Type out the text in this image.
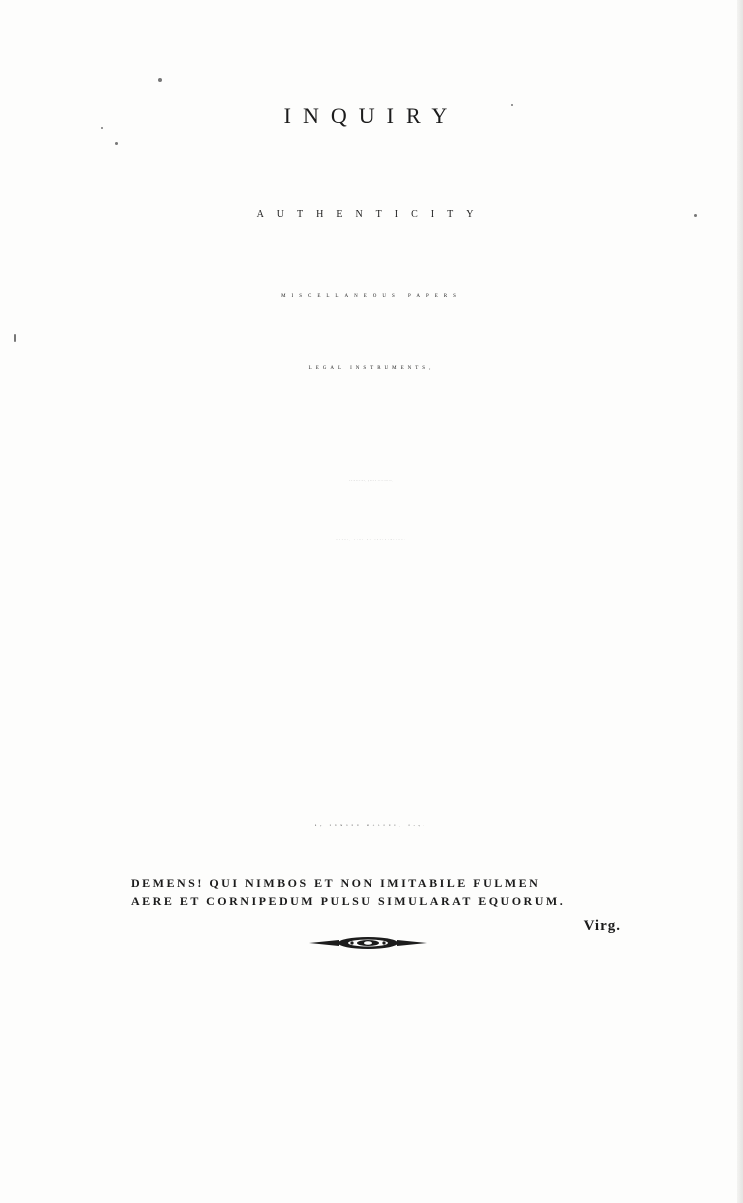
INQUIRY
AUTHENTICITY
MISCELLANEOUS PAPERS
LEGAL INSTRUMENTS,
SHAKSPEARE, QUEEN ELIZABETH,
HENRY, EARL OF SOUTHAMPTON:
By EDMOND MALONE, Esq.
DEMENS! QUI NIMBOS ET NON IMITABILE FULMEN
AERE ET CORNIPEDUM PULSU SIMULARAT EQUORUM.
Virg.
